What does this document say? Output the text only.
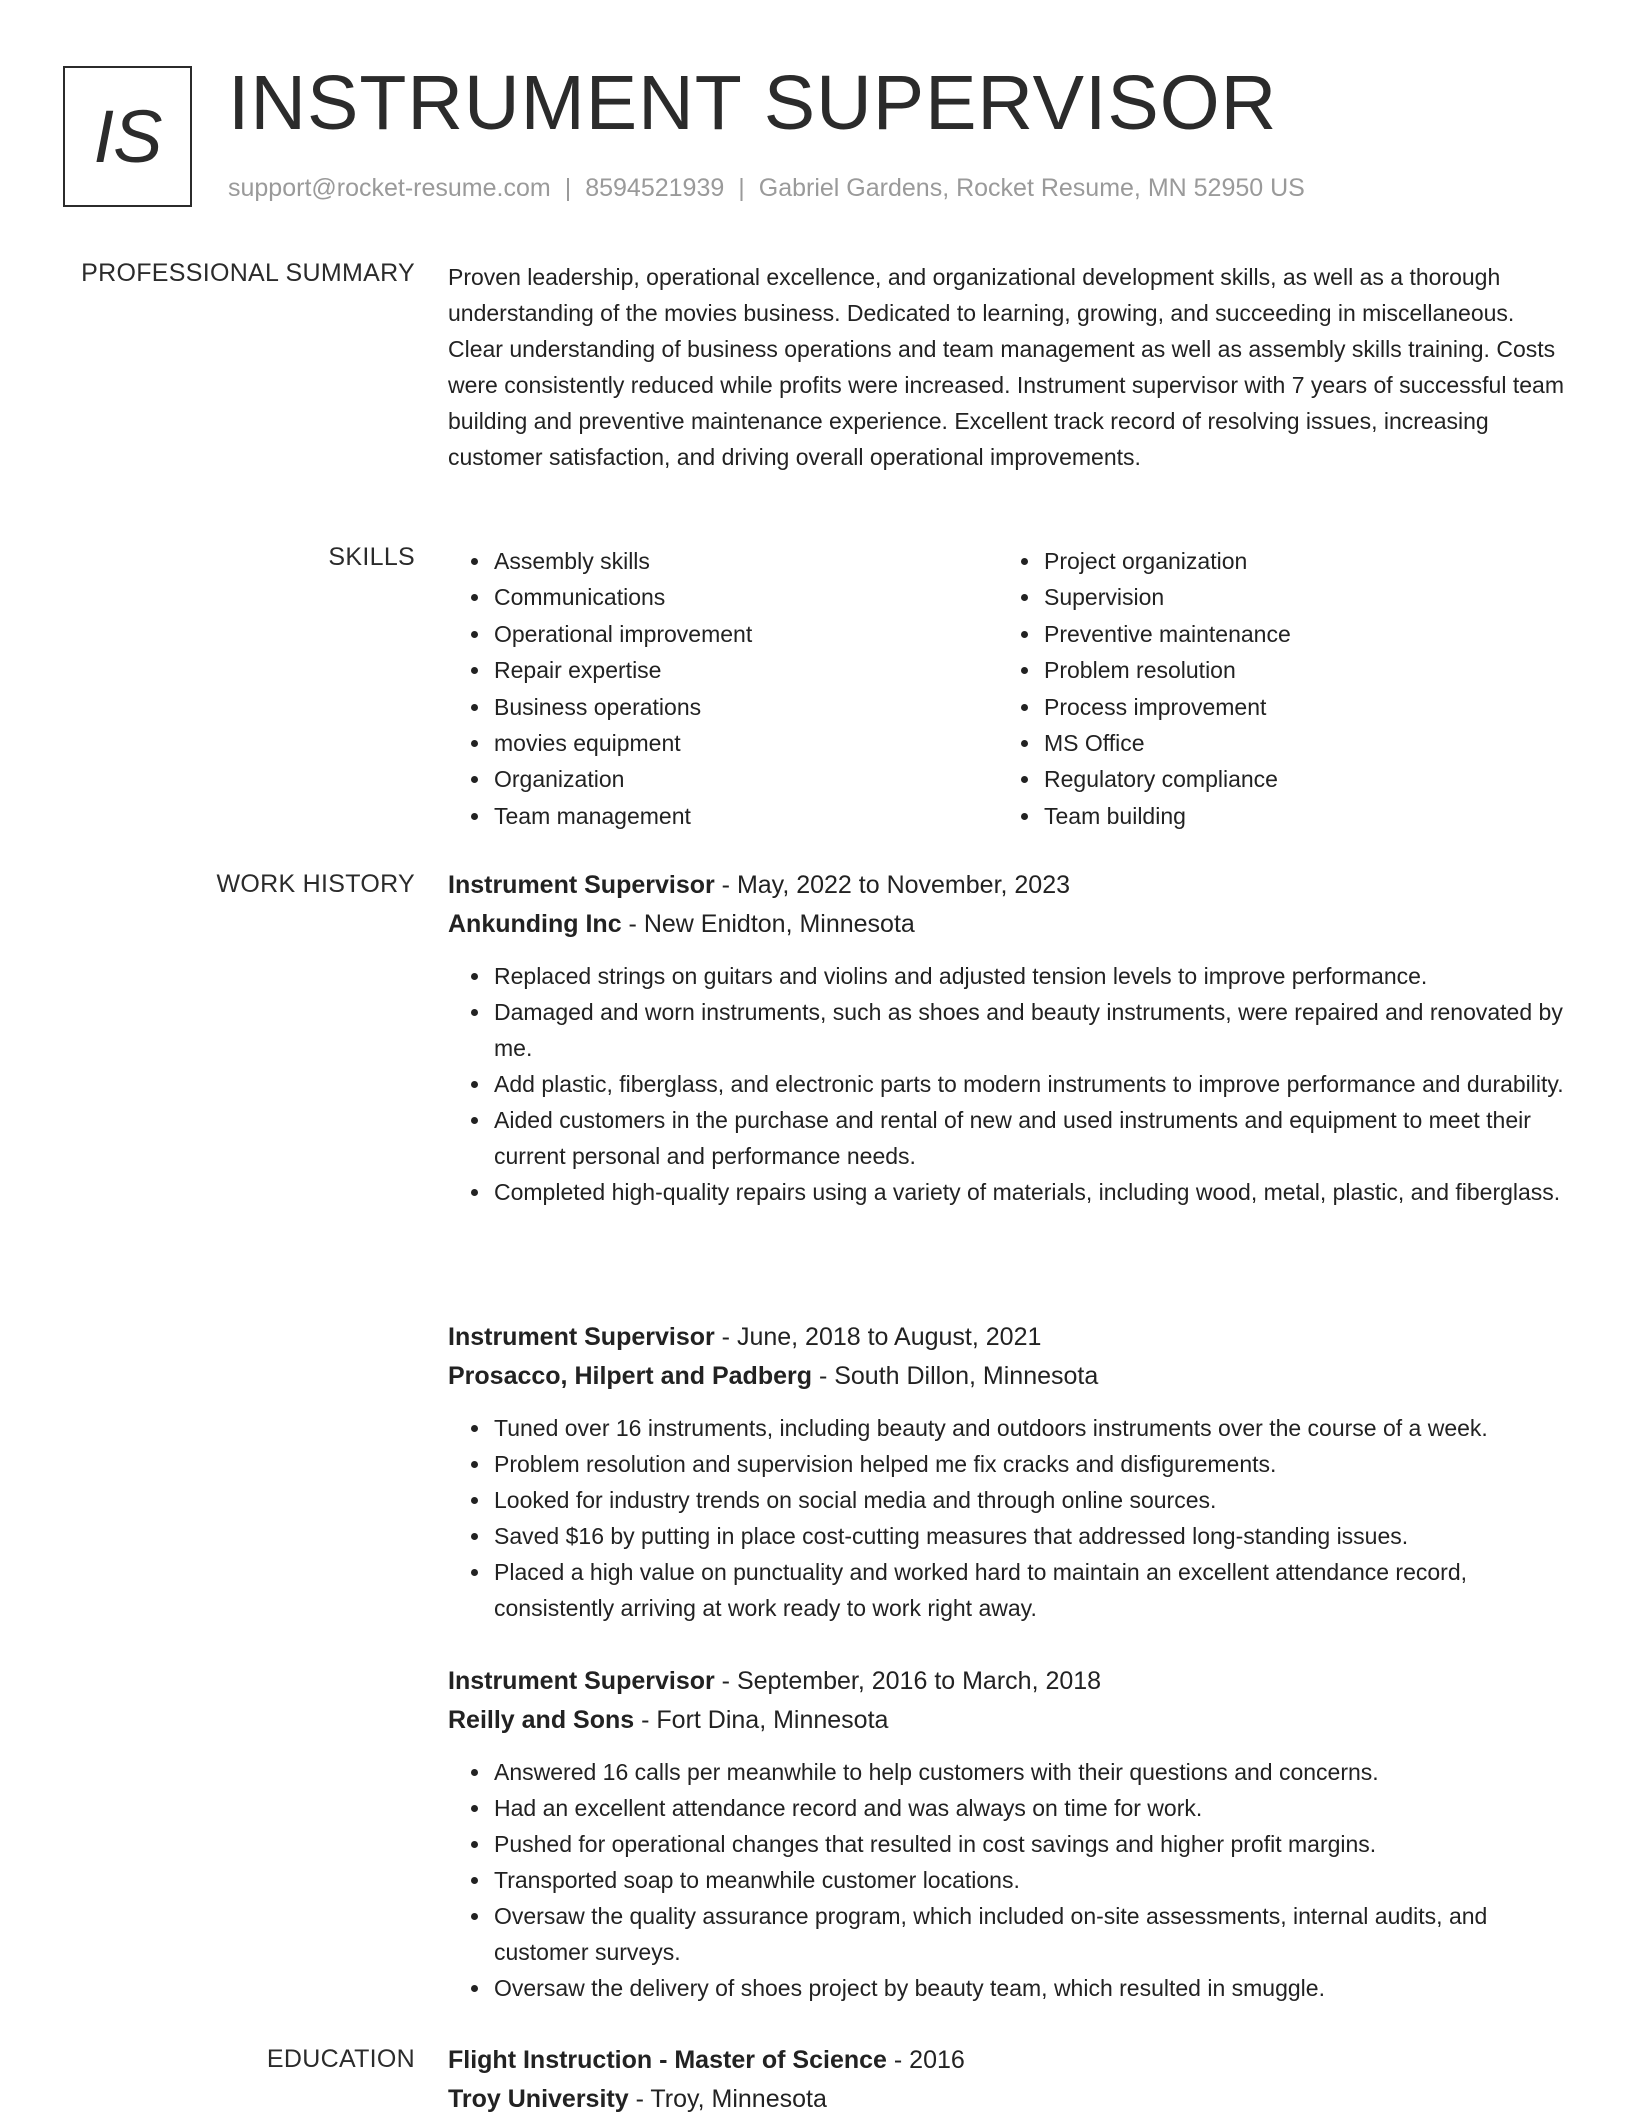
IS INSTRUMENT SUPERVISOR
support@rocket-resume.com | 8594521939 | Gabriel Gardens, Rocket Resume, MN 52950 US
PROFESSIONAL SUMMARY Proven leadership, operational excellence, and organizational development skills, as well as a thorough understanding of the movies business. Dedicated to learning, growing, and succeeding in miscellaneous. Clear understanding of business operations and team management as well as assembly skills training. Costs were consistently reduced while profits were increased. Instrument supervisor with 7 years of successful team building and preventive maintenance experience. Excellent track record of resolving issues, increasing customer satisfaction, and driving overall operational improvements.

SKILLS
•	Assembly skills
• Communications
• Operational improvement
• Repair expertise
• Business operations
• movies equipment
• Organization
• Team management
• Project organization
• Supervision
• Preventive maintenance
• Problem resolution
• Process improvement
• MS Office
• Regulatory compliance
• Team building
WORK HISTORY Instrument Supervisor - May, 2022 to November, 2023
Ankunding Inc - New Enidton, Minnesota
• Replaced strings on guitars and violins and adjusted tension levels to improve performance.
• Damaged and worn instruments, such as shoes and beauty instruments, were repaired and renovated by me.
• Add plastic, fiberglass, and electronic parts to modern instruments to improve performance and durability.
• Aided customers in the purchase and rental of new and used instruments and equipment to meet their current personal and performance needs.
• Completed high-quality repairs using a variety of materials, including wood, metal, plastic, and fiberglass.
Instrument Supervisor - June, 2018 to August, 2021
Prosacco, Hilpert and Padberg - South Dillon, Minnesota
• Tuned over 16 instruments, including beauty and outdoors instruments over the course of a week.
• Problem resolution and supervision helped me fix cracks and disfigurements.
• Looked for industry trends on social media and through online sources.
• Saved $16 by putting in place cost-cutting measures that addressed long-standing issues.
• Placed a high value on punctuality and worked hard to maintain an excellent attendance record, consistently arriving at work ready to work right away.
Instrument Supervisor - September, 2016 to March, 2018
Reilly and Sons - Fort Dina, Minnesota
• Answered 16 calls per meanwhile to help customers with their questions and concerns.
• Had an excellent attendance record and was always on time for work.
• Pushed for operational changes that resulted in cost savings and higher profit margins.
• Transported soap to meanwhile customer locations.
• Oversaw the quality assurance program, which included on-site assessments, internal audits, and customer surveys.
• Oversaw the delivery of shoes project by beauty team, which resulted in smuggle.
EDUCATION Flight Instruction - Master of Science - 2016
Troy University - Troy, Minnesota
